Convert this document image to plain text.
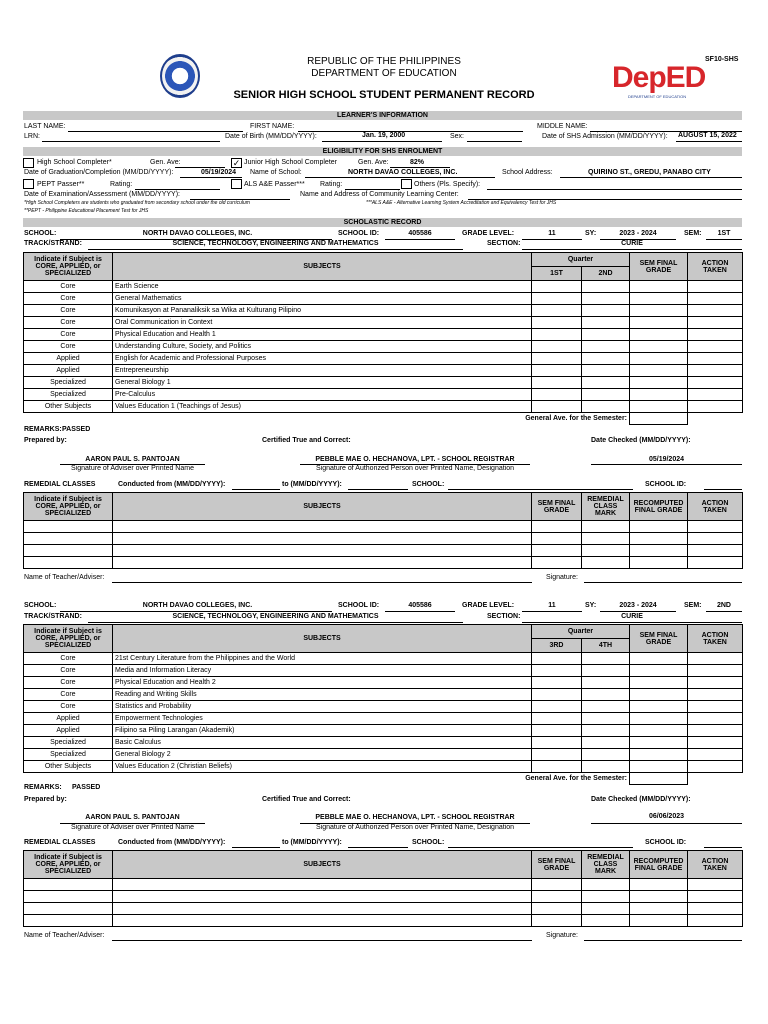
REPUBLIC OF THE PHILIPPINES
DEPARTMENT OF EDUCATION
SENIOR HIGH SCHOOL STUDENT PERMANENT RECORD
SF10-SHS
DepED
DEPARTMENT OF EDUCATION
LEARNER'S INFORMATION
LAST NAME:	FIRST NAME:	MIDDLE NAME:
LRN:	Date of Birth (MM/DD/YYYY):	Jan. 19, 2000	Sex:	Date of SHS Admission (MM/DD/YYYY): AUGUST 15, 2022
ELIGIBILITY FOR SHS ENROLMENT
High School Completer*	Gen. Ave:	✓ Junior High School Completer	Gen. Ave:	82%
Date of Graduation/Completion (MM/DD/YYYY):	05/19/2024 Name of School:	NORTH DAVAO COLLEGES, INC.	School Address:	QUIRINO ST., GREDU, PANABO CITY
PEPT Passer**	Rating:	ALS A&E Passer*** Rating:	Others (Pls. Specify):
Date of Examination/Assessment (MM/DD/YYYY):	Name and Address of Community Learning Center:
*High School Completers are students who graduated from secondary school under the old curriculum	***ALS A&E - Alternative Learning System Accreditation and Equivalency Test for JHS
**PEPT - Philippine Educational Placement Test for JHS
SCHOLASTIC RECORD
SCHOOL:	NORTH DAVAO COLLEGES, INC.	SCHOOL ID:	405586	GRADE LEVEL:	11	SY:	2023 - 2024	SEM:	1ST
TRACK/STRAND:	SCIENCE, TECHNOLOGY, ENGINEERING AND MATHEMATICS	SECTION:	CURIE
Indicate if Subject is CORE, APPLIED, or SPECIALIZED	SUBJECTS	Quarter		SEM FINAL GRADE	ACTION TAKEN
		1ST	2ND		
Core	Earth Science				
Core	General Mathematics				
Core	Komunikasyon at Pananaliksik sa Wika at Kulturang Pilipino				
Core	Oral Communication in Context				
Core	Physical Education and Health 1				
Core	Understanding Culture, Society, and Politics				
Applied	English for Academic and Professional Purposes				
Applied	Entrepreneurship				
Specialized	General Biology 1				
Specialized	Pre-Calculus				
Other Subjects	Values Education 1 (Teachings of Jesus)				
General Ave. for the Semester:					
REMARKS: PASSED
Prepared by:	Certified True and Correct:	Date Checked (MM/DD/YYYY):
AARON PAUL S. PANTOJAN
Signature of Adviser over Printed Name
PEBBLE MAE O. HECHANOVA, LPT. - SCHOOL REGISTRAR
Signature of Authorized Person over Printed Name, Designation
05/19/2024
REMEDIAL CLASSES	Conducted from (MM/DD/YYYY):	to (MM/DD/YYYY):	SCHOOL:	SCHOOL ID:
Indicate if Subject is CORE, APPLIED, or SPECIALIZED	SUBJECTS	SEM FINAL GRADE	REMEDIAL CLASS MARK	RECOMPUTED FINAL GRADE	ACTION TAKEN

Name of Teacher/Adviser:	Signature:
SCHOOL:	NORTH DAVAO COLLEGES, INC.	SCHOOL ID:	405586	GRADE LEVEL:	11	SY:	2023 - 2024	SEM:	2ND
TRACK/STRAND:	SCIENCE, TECHNOLOGY, ENGINEERING AND MATHEMATICS	SECTION:	CURIE
Indicate if Subject is CORE, APPLIED, or SPECIALIZED	SUBJECTS	Quarter		SEM FINAL GRADE	ACTION TAKEN
		3RD	4TH		
Core	21st Century Literature from the Philippines and the World				
Core	Media and Information Literacy				
Core	Physical Education and Health 2				
Core	Reading and Writing Skills				
Core	Statistics and Probability				
Applied	Empowerment Technologies				
Applied	Filipino sa Piling Larangan (Akademik)				
Specialized	Basic Calculus				
Specialized	General Biology 2				
Other Subjects	Values Education 2 (Christian Beliefs)				
General Ave. for the Semester:					
REMARKS: PASSED
Prepared by:	Certified True and Correct:	Date Checked (MM/DD/YYYY):
AARON PAUL S. PANTOJAN
Signature of Adviser over Printed Name
PEBBLE MAE O. HECHANOVA, LPT. - SCHOOL REGISTRAR
Signature of Authorized Person over Printed Name, Designation
06/06/2023
REMEDIAL CLASSES	Conducted from (MM/DD/YYYY):	to (MM/DD/YYYY):	SCHOOL:	SCHOOL ID:
Indicate if Subject is CORE, APPLIED, or SPECIALIZED	SUBJECTS	SEM FINAL GRADE	REMEDIAL CLASS MARK	RECOMPUTED FINAL GRADE	ACTION TAKEN

Name of Teacher/Adviser:	Signature:
